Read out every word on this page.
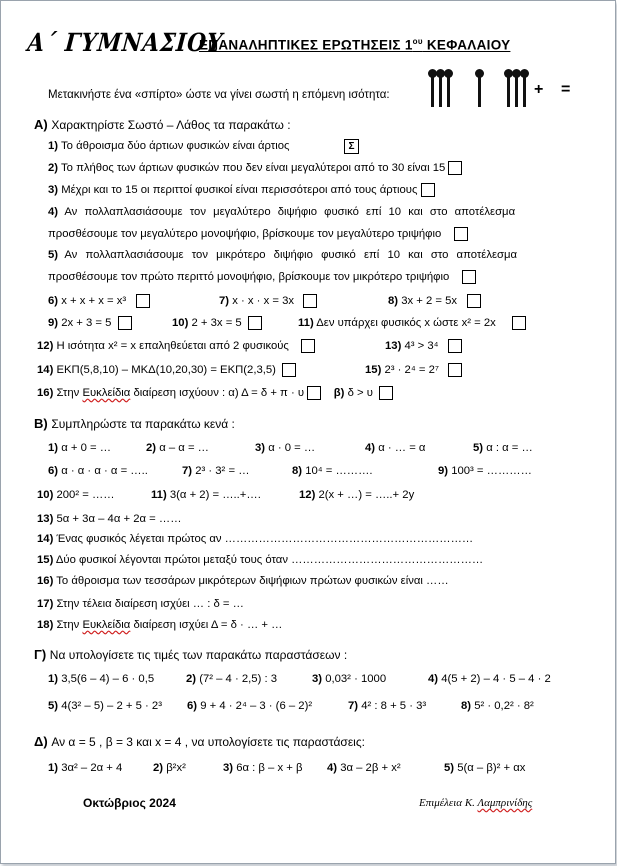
Α΄ ΓΥΜΝΑΣΙΟΥ
ΕΠΑΝΑΛΗΠΤΙΚΕΣ ΕΡΩΤΗΣΕΙΣ $1^{o\upsilon}$ ΚΕΦΑΛΑΙΟΥ
Μετακινήστε ένα «σπίρτο» ώστε να γίνει σωστή η επόμενη ισότητα:	+ =
Α) Χαρακτηρίστε Σωστό – Λάθος τα παρακάτω :
1) Το άθροισμα δύο άρτιων φυσικών είναι άρτιος	Σ
2) Το πλήθος των άρτιων φυσικών που δεν είναι μεγαλύτεροι από το 30 είναι 15
3) Μέχρι και το 15 οι περιττοί φυσικοί είναι περισσότεροι από τους άρτιους
4) Αν πολλαπλασιάσουμε τον μεγαλύτερο διψήφιο φυσικό επί 10 και στο αποτέλεσμα
προσθέσουμε τον μεγαλύτερο μονοψήφιο, βρίσκουμε τον μεγαλύτερο τριψήφιο
5) Αν πολλαπλασιάσουμε τον μικρότερο διψήφιο φυσικό επί 10 και στο αποτέλεσμα
προσθέσουμε τον πρώτο περιττό μονοψήφιο, βρίσκουμε τον μικρότερο τριψήφιο
6) x + x + x = x³	7) x · x · x = 3x	8) 3x + 2 = 5x
9) 2x + 3 = 5	10) 2 + 3x = 5	11) Δεν υπάρχει φυσικός x ώστε x² = 2x
12) Η ισότητα x² = x επαληθεύεται από 2 φυσικούς	13) 4³ > 3⁴
14) ΕΚΠ(5,8,10) – ΜΚΔ(10,20,30) = ΕΚΠ(2,3,5)	15) 2³ · 2⁴ = 2⁷
16) Στην Ευκλείδια διαίρεση ισχύουν : α) Δ = δ + π · υ	β) δ > υ
Β) Συμπληρώστε τα παρακάτω κενά :
1) α + 0 = …	2) α – α = …	3) α · 0 = …	4) α · … = α	5) α : α = …
6) α · α · α · α = …..	7) 2³ · 3² = …	8) 10⁴ = ……….	9) 100³ = …………
10) 200² = ……	11) 3(α + 2) = …..+….	12) 2(x + …) = …..+ 2y
13) 5α + 3α – 4α + 2α = ……
14) Ένας φυσικός λέγεται πρώτος αν …………………………………………………………
15) Δύο φυσικοί λέγονται πρώτοι μεταξύ τους όταν ……………………………………………
16) Το άθροισμα των τεσσάρων μικρότερων διψήφιων πρώτων φυσικών είναι ……
17) Στην τέλεια διαίρεση ισχύει … : δ = …
18) Στην Ευκλείδια διαίρεση ισχύει Δ = δ · … + …
Γ) Να υπολογίσετε τις τιμές των παρακάτω παραστάσεων :
1) 3,5(6 – 4) – 6 · 0,5	2) (7² – 4 · 2,5) : 3	3) 0,03² · 1000	4) 4(5 + 2) – 4 · 5 – 4 · 2
5) 4(3² – 5) – 2 + 5 · 2³ 6) 9 + 4 · 2⁴ – 3 · (6 – 2)²	7) 4² : 8 + 5 · 3³	8) 5² · 0,2² · 8²
Δ) Αν α = 5 , β = 3 και x = 4 , να υπολογίσετε τις παραστάσεις:
1) 3α² – 2α + 4	2) β²x²	3) 6α : β – x + β 4) 3α – 2β + x²	5) 5(α – β)² + αx
Οκτώβριος 2024	Επιμέλεια Κ. Λαμπρινίδης
